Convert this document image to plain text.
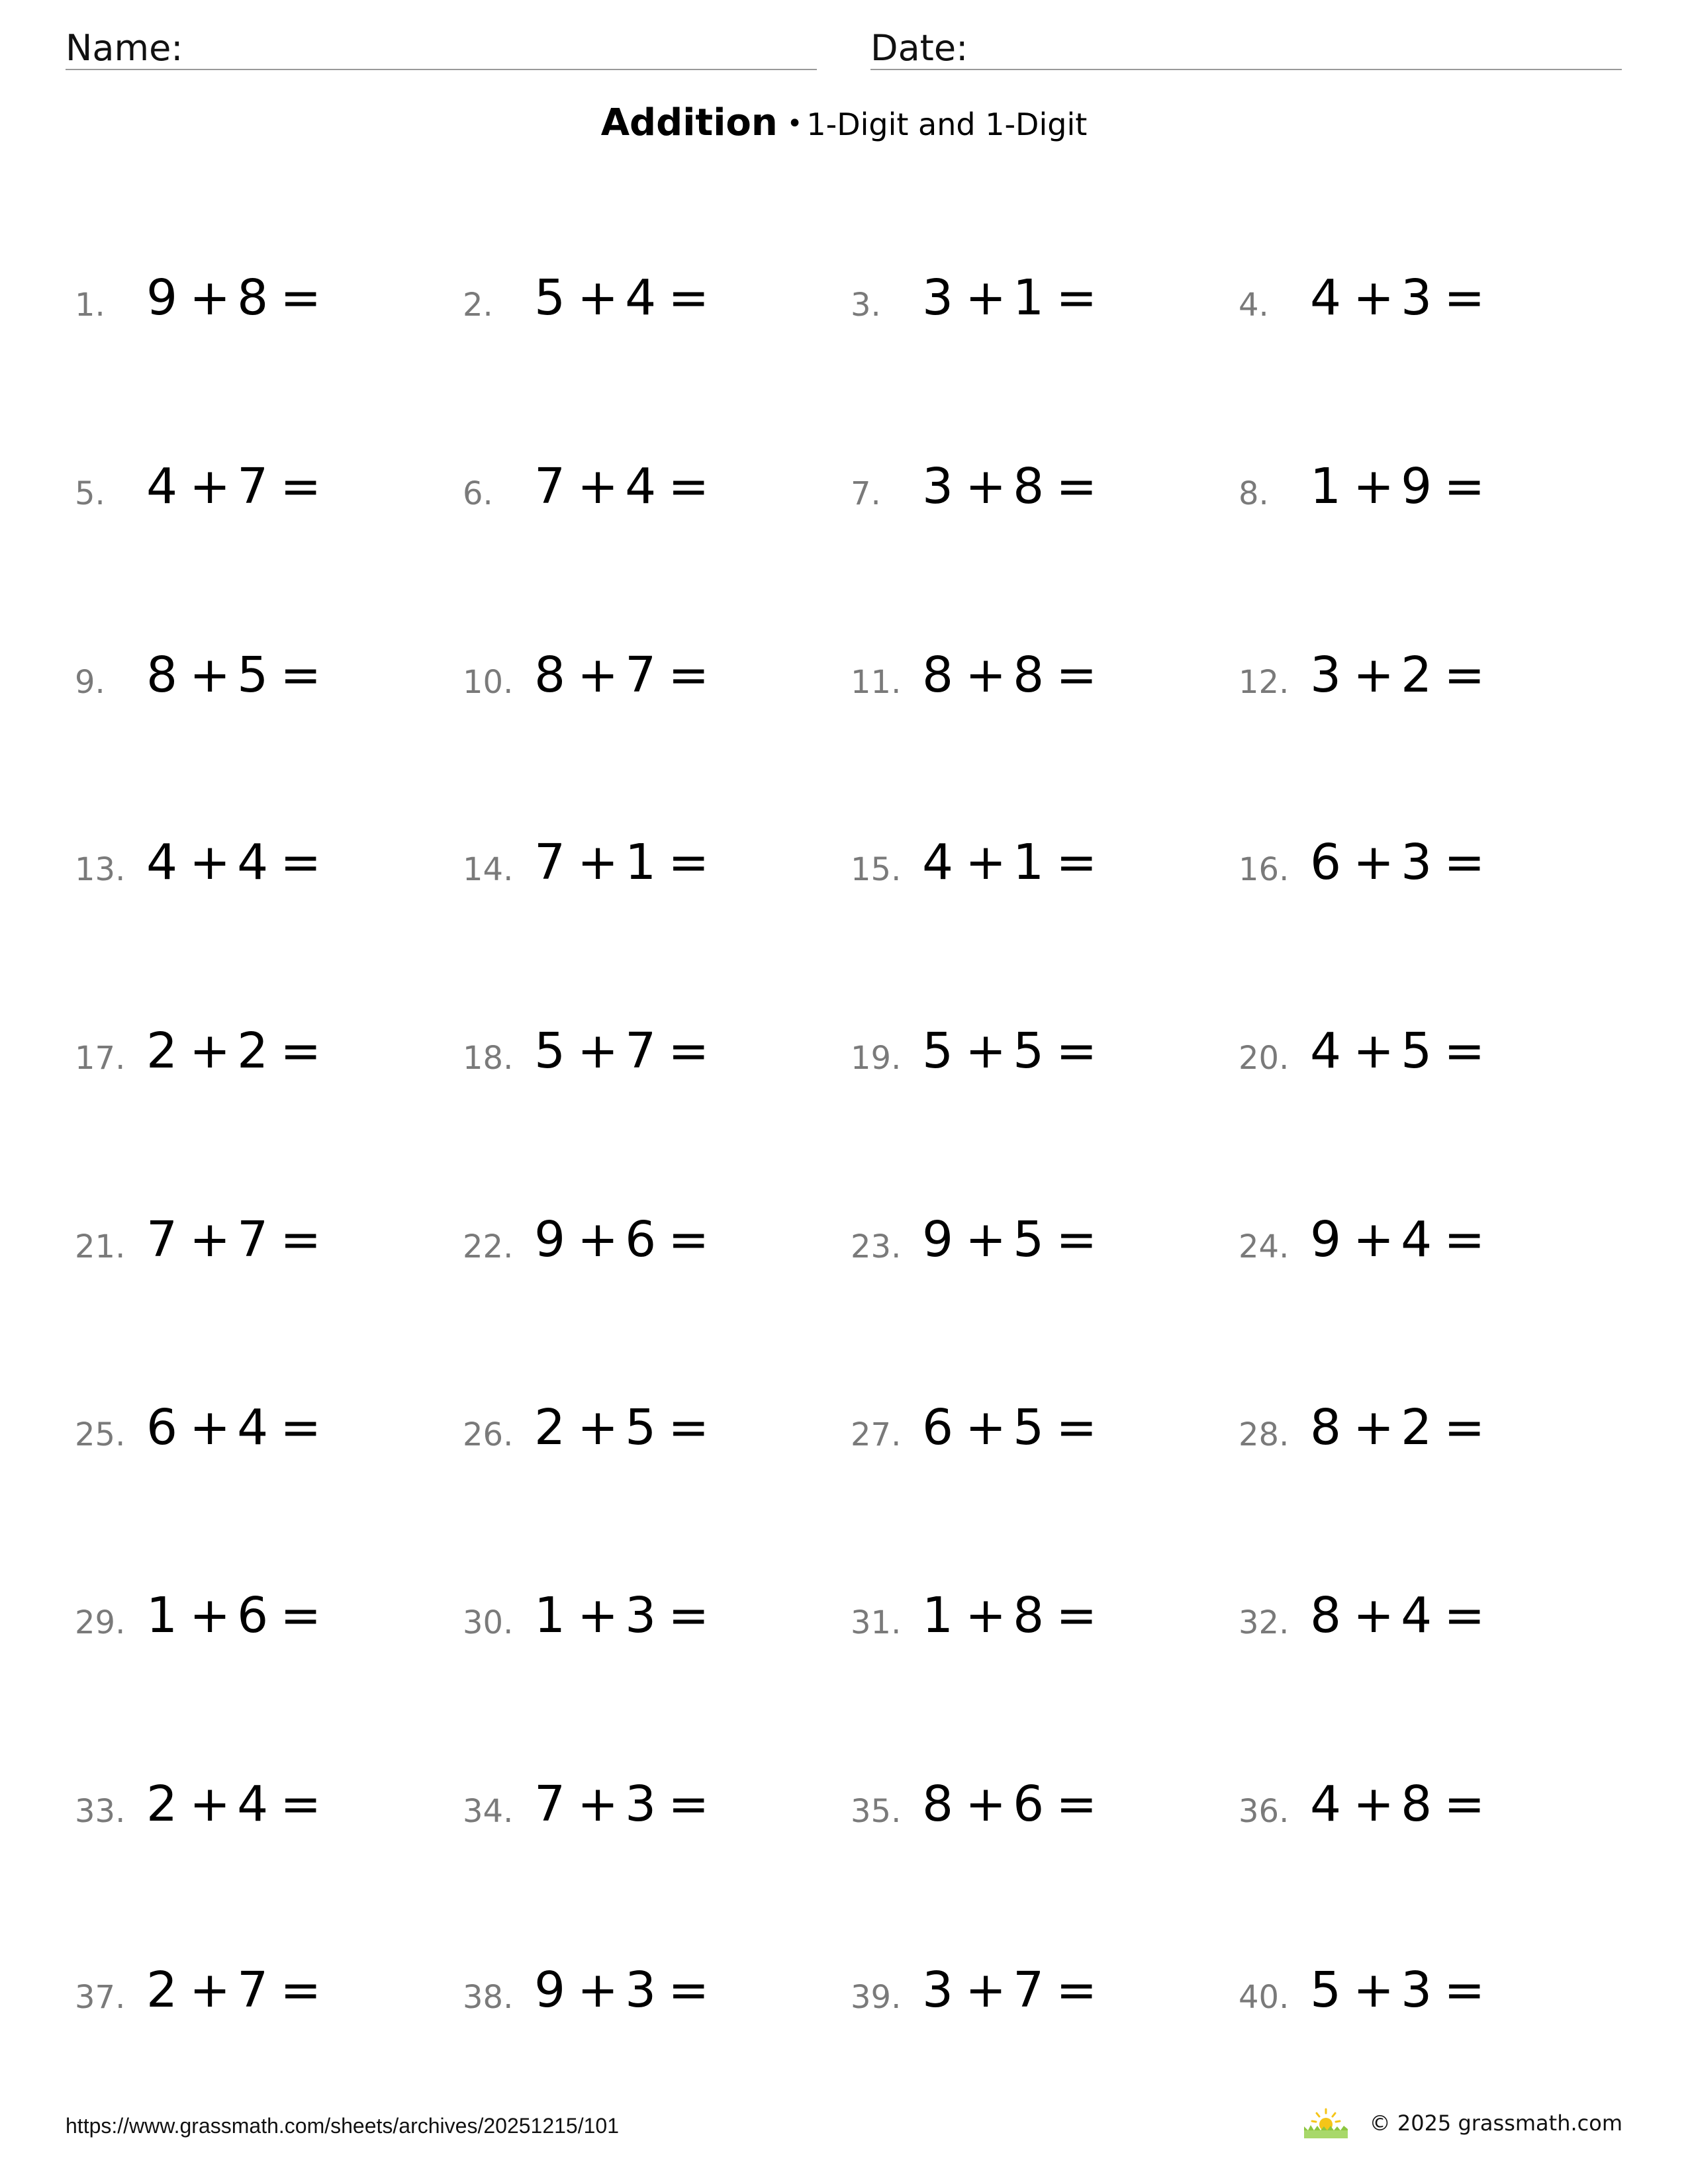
Name:	Date:
Addition • 1-Digit and 1-Digit
1. 9 + 8 =	2. 5 + 4 =	3. 3 + 1 =	4. 4 + 3 =
5. 4 + 7 =	6. 7 + 4 =	7. 3 + 8 =	8. 1 + 9 =
9. 8 + 5 =	10. 8 + 7 =	11. 8 + 8 =	12. 3 + 2 =
13. 4 + 4 =	14. 7 + 1 =	15. 4 + 1 =	16. 6 + 3 =
17. 2 + 2 =	18. 5 + 7 =	19. 5 + 5 =	20. 4 + 5 =
21. 7 + 7 =	22. 9 + 6 =	23. 9 + 5 =	24. 9 + 4 =
25. 6 + 4 =	26. 2 + 5 =	27. 6 + 5 =	28. 8 + 2 =
29. 1 + 6 =	30. 1 + 3 =	31. 1 + 8 =	32. 8 + 4 =
33. 2 + 4 =	34. 7 + 3 =	35. 8 + 6 =	36. 4 + 8 =
37. 2 + 7 =	38. 9 + 3 =	39. 3 + 7 =	40. 5 + 3 =
https://www.grassmath.com/sheets/archives/20251215/101	© 2025 grassmath.com
